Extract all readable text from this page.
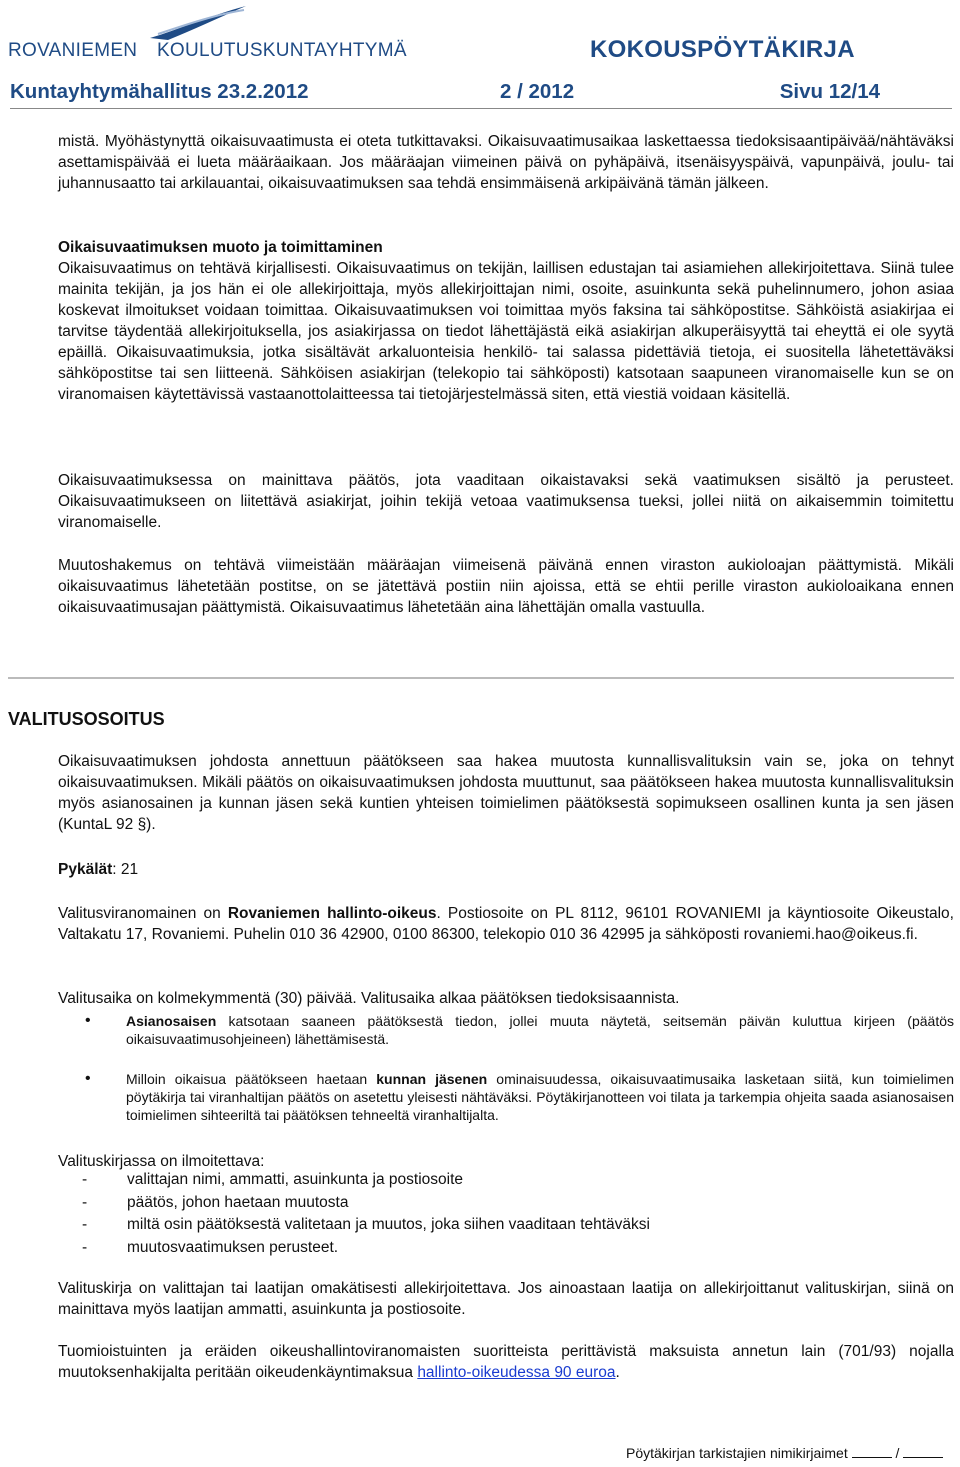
ROVANIEMEN KOULUTUSKUNTAYHTYMÄ	KOKOUSPÖYTÄKIRJA
Kuntayhtymähallitus 23.2.2012	2 / 2012	Sivu 12/14

mistä. Myöhästynyttä oikaisuvaatimusta ei oteta tutkittavaksi. Oikaisuvaatimusaikaa laskettaessa tiedoksisaantipäivää/nähtäväksi asettamispäivää ei lueta määräaikaan. Jos määräajan viimeinen päivä on pyhäpäivä, itsenäisyyspäivä, vapunpäivä, joulu- tai juhannusaatto tai arkilauantai, oikaisuvaatimuksen saa tehdä ensimmäisenä arkipäivänä tämän jälkeen.

Oikaisuvaatimuksen muoto ja toimittaminen

Oikaisuvaatimus on tehtävä kirjallisesti. Oikaisuvaatimus on tekijän, laillisen edustajan tai asiamiehen allekirjoitettava. Siinä tulee mainita tekijän, ja jos hän ei ole allekirjoittaja, myös allekirjoittajan nimi, osoite, asuinkunta sekä puhelinnumero, johon asiaa koskevat ilmoitukset voidaan toimittaa. Oikaisuvaatimuksen voi toimittaa myös faksina tai sähköpostitse. Sähköistä asiakirjaa ei tarvitse täydentää allekirjoituksella, jos asiakirjassa on tiedot lähettäjästä eikä asiakirjan alkuperäisyyttä tai eheyttä ei ole syytä epäillä. Oikaisuvaatimuksia, jotka sisältävät arkaluonteisia henkilö- tai salassa pidettäviä tietoja, ei suositella lähetettäväksi sähköpostitse tai sen liitteenä. Sähköisen asiakirjan (telekopio tai sähköposti) katsotaan saapuneen viranomaiselle kun se on viranomaisen käytettävissä vastaanottolaitteessa tai tietojärjestelmässä siten, että viestiä voidaan käsitellä.

Oikaisuvaatimuksessa on mainittava päätös, jota vaaditaan oikaistavaksi sekä vaatimuksen sisältö ja perusteet. Oikaisuvaatimukseen on liitettävä asiakirjat, joihin tekijä vetoaa vaatimuksensa tueksi, jollei niitä on aikaisemmin toimitettu viranomaiselle.

Muutoshakemus on tehtävä viimeistään määräajan viimeisenä päivänä ennen viraston aukioloajan päättymistä. Mikäli oikaisuvaatimus lähetetään postitse, on se jätettävä postiin niin ajoissa, että se ehtii perille viraston aukioloaikana ennen oikaisuvaatimusajan päättymistä. Oikaisuvaatimus lähetetään aina lähettäjän omalla vastuulla.

VALITUSOSOITUS

Oikaisuvaatimuksen johdosta annettuun päätökseen saa hakea muutosta kunnallisvalituksin vain se, joka on tehnyt oikaisuvaatimuksen. Mikäli päätös on oikaisuvaatimuksen johdosta muuttunut, saa päätökseen hakea muutosta kunnallisvalituksin myös asianosainen ja kunnan jäsen sekä kuntien yhteisen toimielimen päätöksestä sopimukseen osallinen kunta ja sen jäsen (KuntaL 92 §).

Pykälät: 21

Valitusviranomainen on Rovaniemen hallinto-oikeus. Postiosoite on PL 8112, 96101 ROVANIEMI ja käyntiosoite Oikeustalo, Valtakatu 17, Rovaniemi. Puhelin 010 36 42900, 0100 86300, telekopio 010 36 42995 ja sähköposti rovaniemi.hao@oikeus.fi.

Valitusaika on kolmekymmentä (30) päivää. Valitusaika alkaa päätöksen tiedoksisaannista.

•	Asianosaisen katsotaan saaneen päätöksestä tiedon, jollei muuta näytetä, seitsemän päivän kuluttua kirjeen (päätös oikaisuvaatimusohjeineen) lähettämisestä.

•	Milloin oikaisua päätökseen haetaan kunnan jäsenen ominaisuudessa, oikaisuvaatimusaika lasketaan siitä, kun toimielimen pöytäkirja tai viranhaltijan päätös on asetettu yleisesti nähtäväksi. Pöytäkirjanotteen voi tilata ja tarkempia ohjeita saada asianosaisen toimielimen sihteeriltä tai päätöksen tehneeltä viranhaltijalta.

Valituskirjassa on ilmoitettava:

-	valittajan nimi, ammatti, asuinkunta ja postiosoite
-	päätös, johon haetaan muutosta
-	miltä osin päätöksestä valitetaan ja muutos, joka siihen vaaditaan tehtäväksi
-	muutosvaatimuksen perusteet.

Valituskirja on valittajan tai laatijan omakätisesti allekirjoitettava. Jos ainoastaan laatija on allekirjoittanut valituskirjan, siinä on mainittava myös laatijan ammatti, asuinkunta ja postiosoite.

Tuomioistuinten ja eräiden oikeushallintoviranomaisten suoritteista perittävistä maksuista annetun lain (701/93) nojalla muutoksenhakijalta peritään oikeudenkäyntimaksua hallinto-oikeudessa 90 euroa.

Pöytäkirjan tarkistajien nimikirjaimet	/
